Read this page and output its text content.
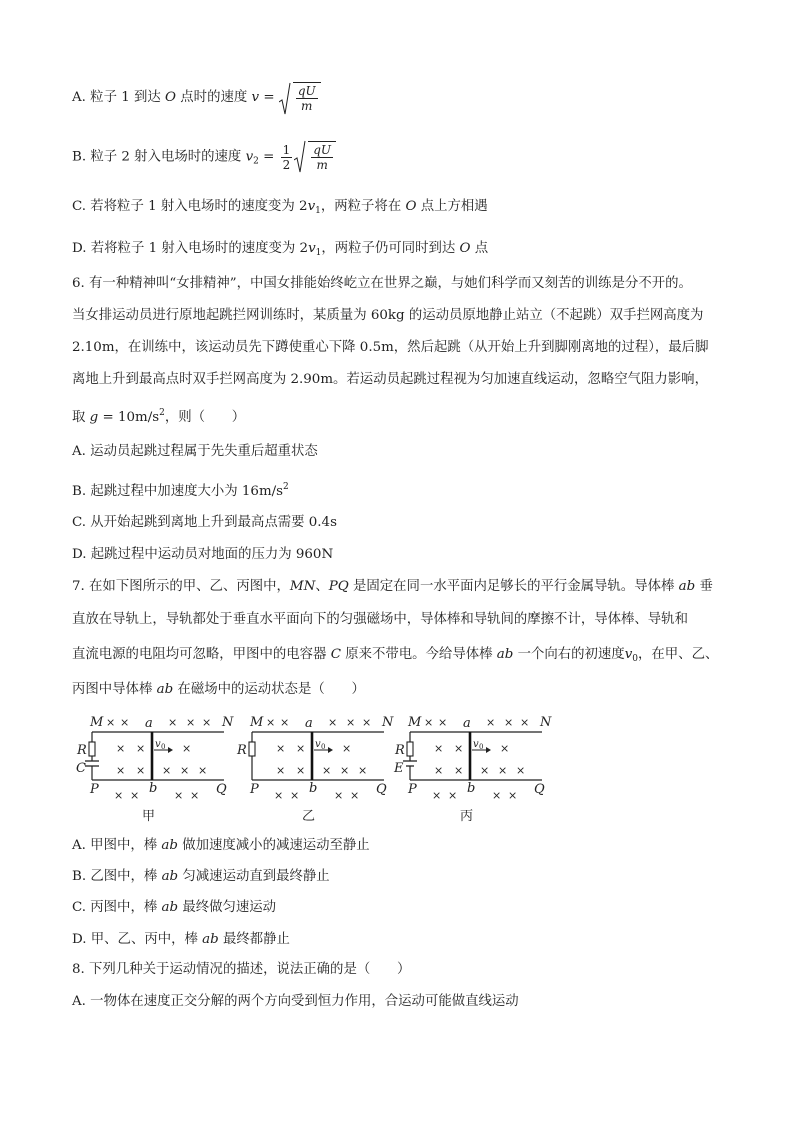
A. 粒子 1 到达 O 点时的速度 $v = \frac{qU}{m}$
B. 粒子 2 射入电场时的速度 $v_2 = \frac{1}{2} \frac{qU}{m}$
C. 若将粒子 1 射入电场时的速度变为 $2v_1$，两粒子将在 O 点上方相遇
D. 若将粒子 1 射入电场时的速度变为 $2v_1$，两粒子仍可同时到达 O 点
6. 有一种精神叫“女排精神”，中国女排能始终屹立在世界之巅，与她们科学而又刻苦的训练是分不开的。
当女排运动员进行原地起跳拦网训练时，某质量为 60kg 的运动员原地静止站立（不起跳）双手拦网高度为
2.10m，在训练中，该运动员先下蹲使重心下降 0.5m，然后起跳（从开始上升到脚刚离地的过程），最后脚
离地上升到最高点时双手拦网高度为 2.90m。若运动员起跳过程视为匀加速直线运动，忽略空气阻力影响，
取 $g = 10m/s^2$，则（　　）
A. 运动员起跳过程属于先失重后超重状态
B. 起跳过程中加速度大小为 $16m/s^2$
C. 从开始起跳到离地上升到最高点需要 0.4s
D. 起跳过程中运动员对地面的压力为 960N
7. 在如下图所示的甲、乙、丙图中，MN、PQ 是固定在同一水平面内足够长的平行金属导轨。导体棒 ab 垂
直放在导轨上，导轨都处于垂直水平面向下的匀强磁场中，导体棒和导轨间的摩擦不计，导体棒、导轨和
直流电源的电阻均可忽略，甲图中的电容器 C 原来不带电。今给导体棒 ab 一个向右的初速度$v_0$，在甲、乙、
丙图中导体棒 ab 在磁场中的运动状态是（　　）
R
C
v 0
M	N
P	Q
a
b
× ×	× × ×
× ×	×
× × × × ×
× ×	× ×
甲
R	v 0
M	N
P	Q
a
b
× ×	× × ×
× ×	×
× × × × ×
× ×	× ×
乙
R
E
v 0
M	N
P	Q
a
b
× ×	× × ×
× ×	×
× × × × ×
× ×	× ×
丙
A. 甲图中，棒 ab 做加速度减小的减速运动至静止
B. 乙图中，棒 ab 匀减速运动直到最终静止
C. 丙图中，棒 ab 最终做匀速运动
D. 甲、乙、丙中，棒 ab 最终都静止
8. 下列几种关于运动情况的描述，说法正确的是（　　）
A. 一物体在速度正交分解的两个方向受到恒力作用，合运动可能做直线运动
